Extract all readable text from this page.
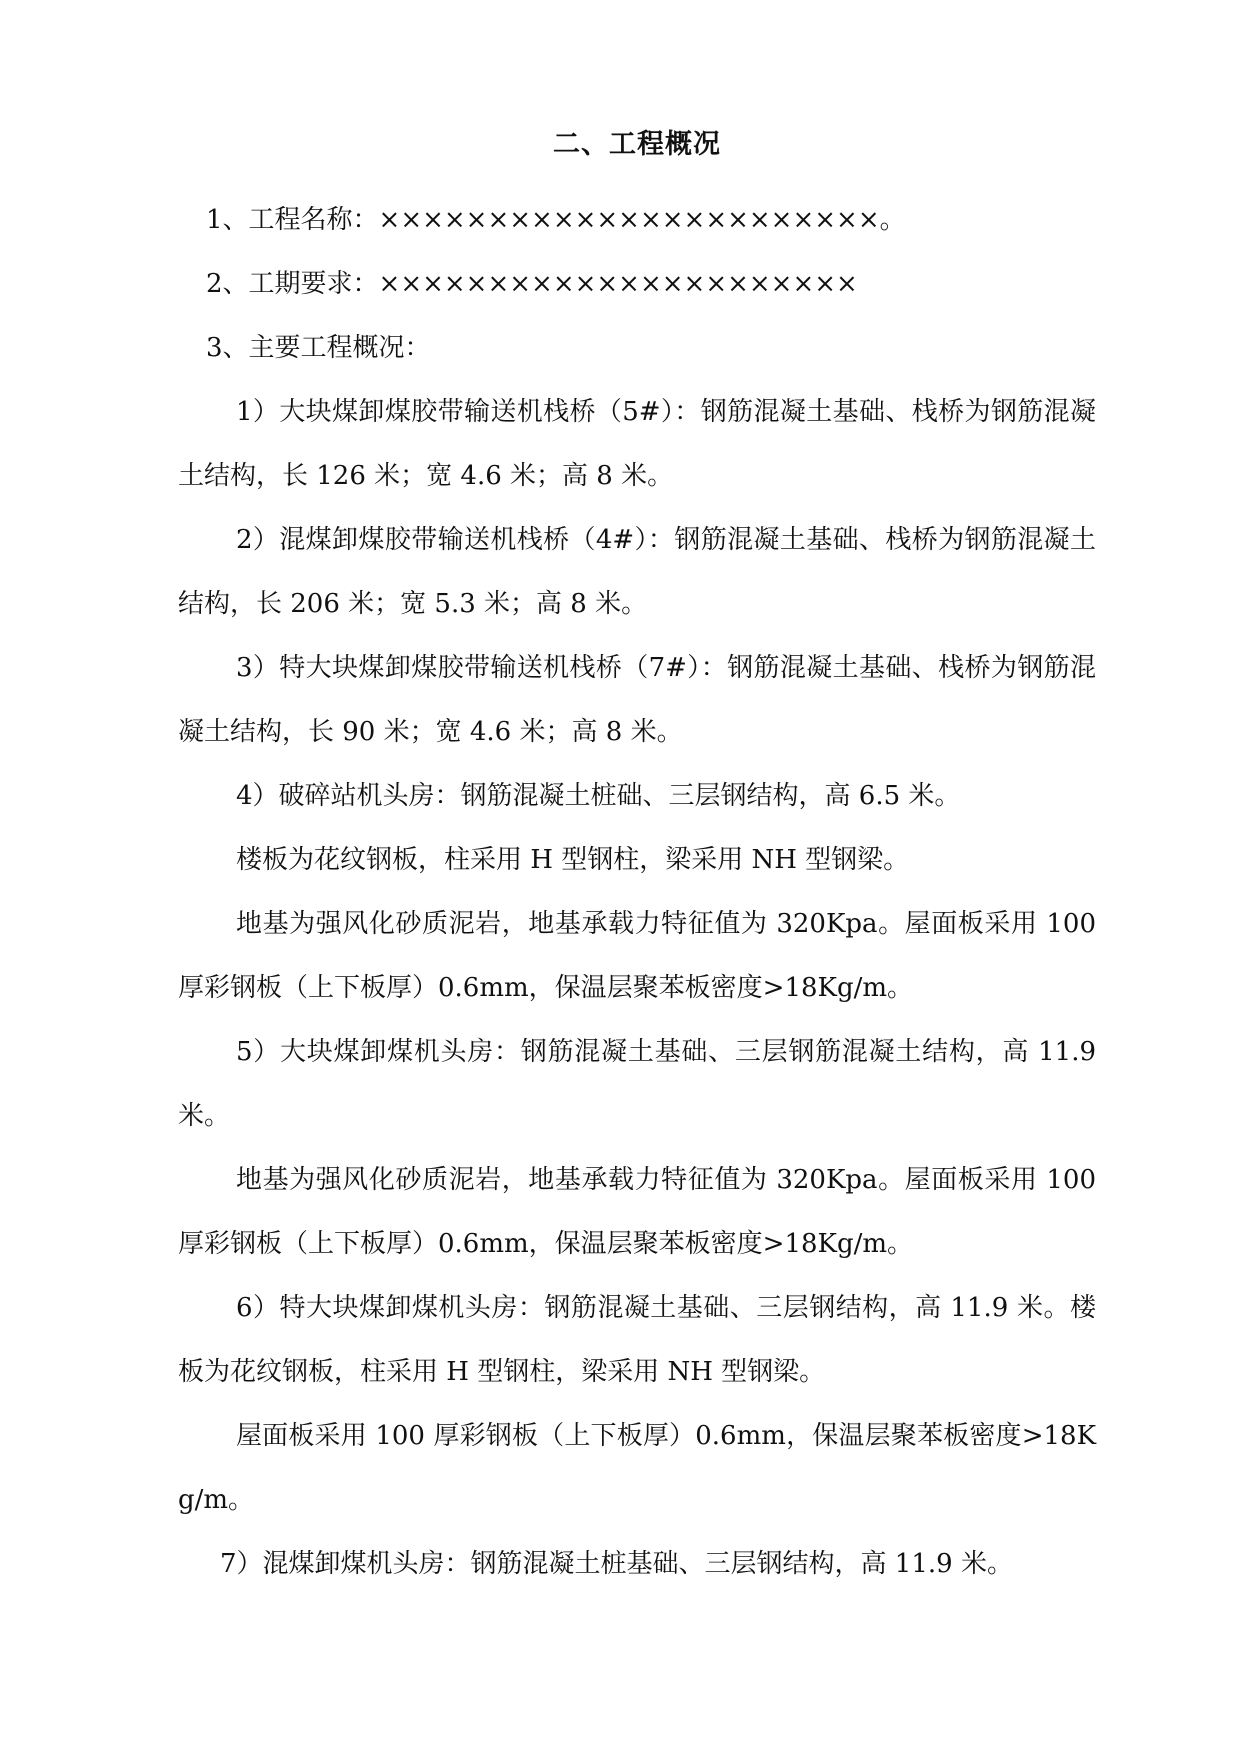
二、工程概况

1、工程名称：×××××××××××××××××××××××。

2、工期要求：××××××××××××××××××××××

3、主要工程概况：

1）大块煤卸煤胶带输送机栈桥（5#）：钢筋混凝土基础、栈桥为钢筋混凝土结构，长 126 米；宽 4.6 米；高 8 米。

2）混煤卸煤胶带输送机栈桥（4#）：钢筋混凝土基础、栈桥为钢筋混凝土结构，长 206 米；宽 5.3 米；高 8 米。

3）特大块煤卸煤胶带输送机栈桥（7#）：钢筋混凝土基础、栈桥为钢筋混凝土结构，长 90 米；宽 4.6 米；高 8 米。

4）破碎站机头房：钢筋混凝土桩础、三层钢结构，高 6.5 米。

楼板为花纹钢板，柱采用 H 型钢柱，梁采用 NH 型钢梁。

地基为强风化砂质泥岩，地基承载力特征值为 320Kpa。屋面板采用 100 厚彩钢板（上下板厚）0.6mm，保温层聚苯板密度>18Kg/m。

5）大块煤卸煤机头房：钢筋混凝土基础、三层钢筋混凝土结构，高 11.9 米。

地基为强风化砂质泥岩，地基承载力特征值为 320Kpa。屋面板采用 100 厚彩钢板（上下板厚）0.6mm，保温层聚苯板密度>18Kg/m。

6）特大块煤卸煤机头房：钢筋混凝土基础、三层钢结构，高 11.9 米。楼板为花纹钢板，柱采用 H 型钢柱，梁采用 NH 型钢梁。

屋面板采用 100 厚彩钢板（上下板厚）0.6mm，保温层聚苯板密度>18Kg/m。

7）混煤卸煤机头房：钢筋混凝土桩基础、三层钢结构，高 11.9 米。
